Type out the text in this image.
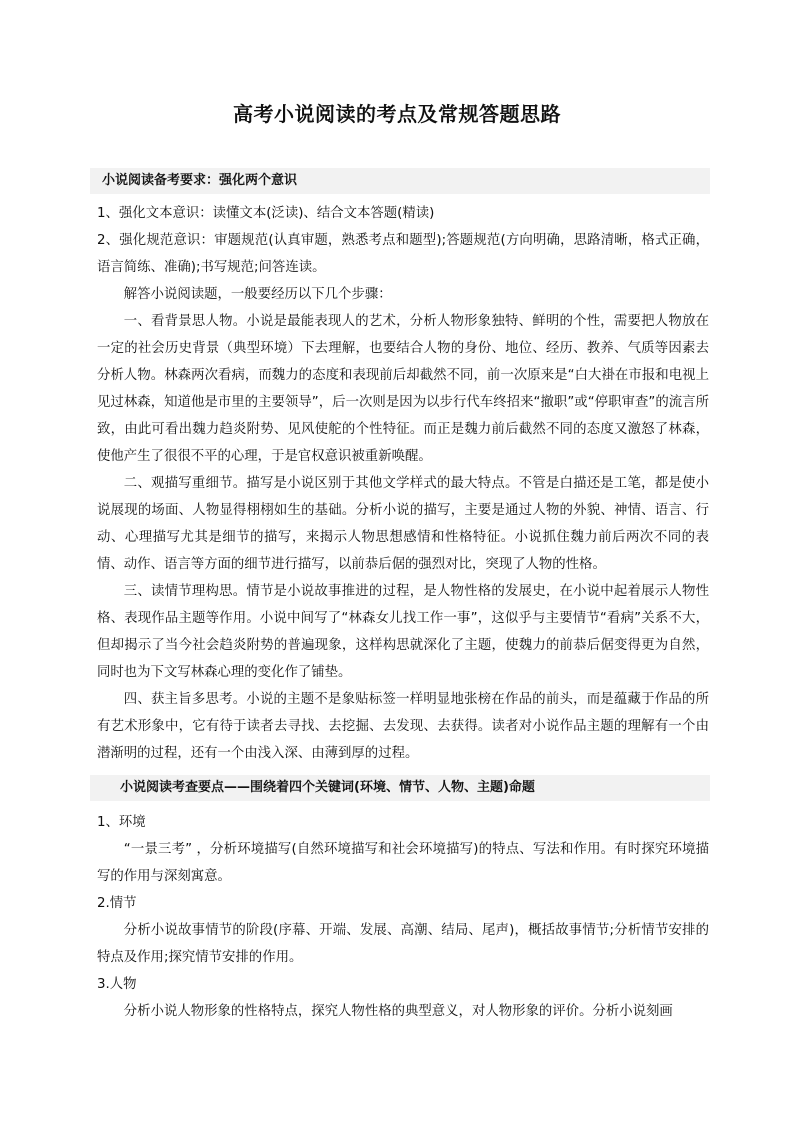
高考小说阅读的考点及常规答题思路
小说阅读备考要求：强化两个意识

1、强化文本意识：读懂文本(泛读)、结合文本答题(精读)

2、强化规范意识：审题规范(认真审题，熟悉考点和题型);答题规范(方向明确，思路清晰，格式正确，语言简练、准确);书写规范;问答连读。

解答小说阅读题，一般要经历以下几个步骤：

一、看背景思人物。小说是最能表现人的艺术，分析人物形象独特、鲜明的个性，需要把人物放在一定的社会历史背景（典型环境）下去理解，也要结合人物的身份、地位、经历、教养、气质等因素去分析人物。林森两次看病，而魏力的态度和表现前后却截然不同，前一次原来是“白大褂在市报和电视上见过林森，知道他是市里的主要领导”，后一次则是因为以步行代车终招来“撤职”或“停职审查”的流言所致，由此可看出魏力趋炎附势、见风使舵的个性特征。而正是魏力前后截然不同的态度又激怒了林森，使他产生了很很不平的心理，于是官权意识被重新唤醒。

二、观描写重细节。描写是小说区别于其他文学样式的最大特点。不管是白描还是工笔，都是使小说展现的场面、人物显得栩栩如生的基础。分析小说的描写，主要是通过人物的外貌、神情、语言、行动、心理描写尤其是细节的描写，来揭示人物思想感情和性格特征。小说抓住魏力前后两次不同的表情、动作、语言等方面的细节进行描写，以前恭后倨的强烈对比，突现了人物的性格。

三、读情节理构思。情节是小说故事推进的过程，是人物性格的发展史，在小说中起着展示人物性格、表现作品主题等作用。小说中间写了“林森女儿找工作一事”，这似乎与主要情节“看病”关系不大，但却揭示了当今社会趋炎附势的普遍现象，这样构思就深化了主题，使魏力的前恭后倨变得更为自然，同时也为下文写林森心理的变化作了铺垫。

四、获主旨多思考。小说的主题不是象贴标签一样明显地张榜在作品的前头，而是蕴藏于作品的所有艺术形象中，它有待于读者去寻找、去挖掘、去发现、去获得。读者对小说作品主题的理解有一个由潜渐明的过程，还有一个由浅入深、由薄到厚的过程。

小说阅读考查要点——围绕着四个关键词(环境、情节、人物、主题)命题

1、环境

“一景三考” ，分析环境描写(自然环境描写和社会环境描写)的特点、写法和作用。有时探究环境描写的作用与深刻寓意。

2.情节

分析小说故事情节的阶段(序幕、开端、发展、高潮、结局、尾声)，概括故事情节;分析情节安排的特点及作用;探究情节安排的作用。

3.人物

分析小说人物形象的性格特点，探究人物性格的典型意义，对人物形象的评价。分析小说刻画
